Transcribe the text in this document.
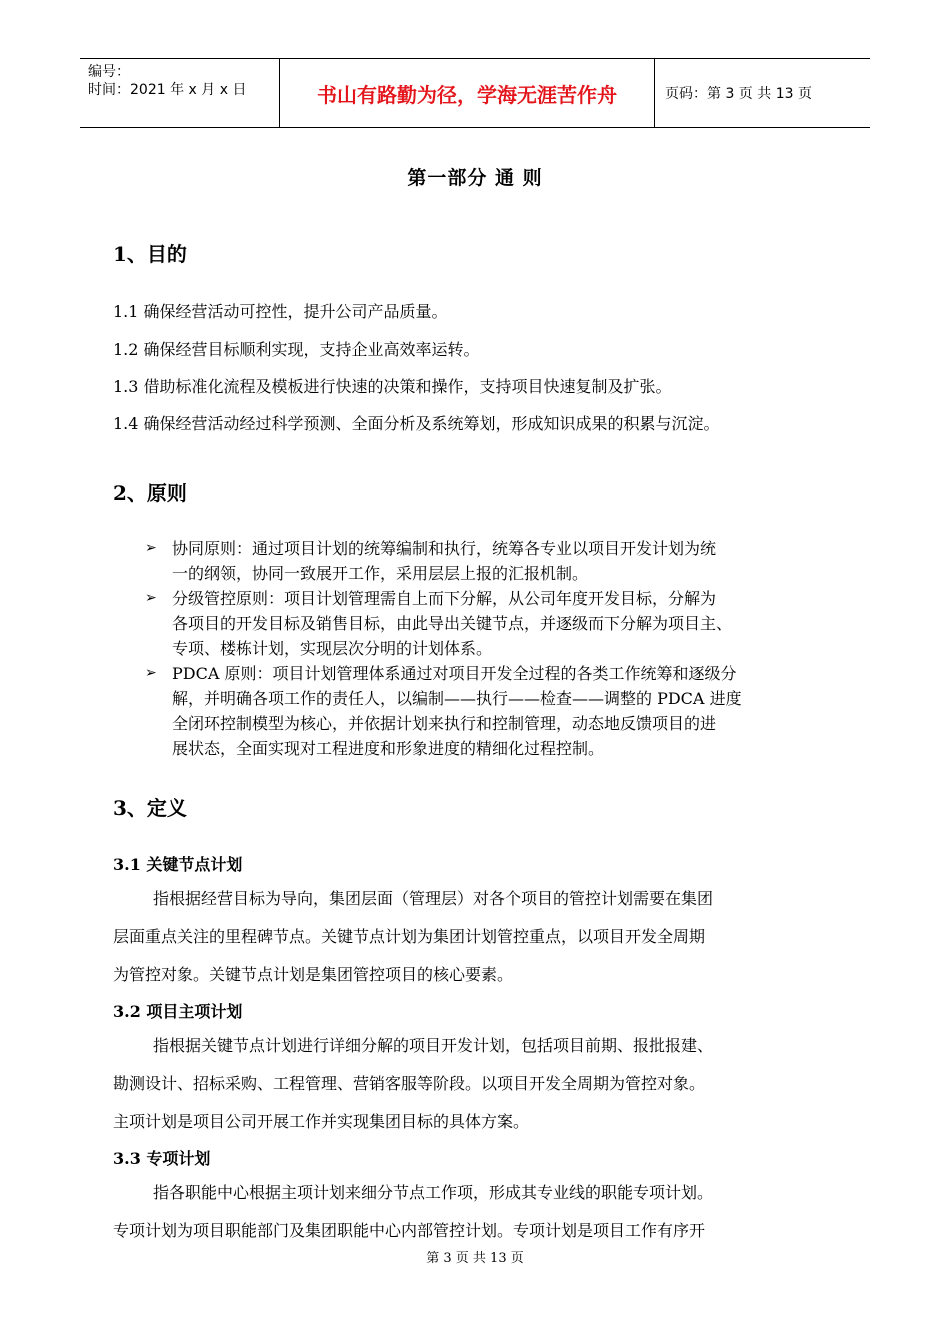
编号：
时间：2021 年 x 月 x 日	书山有路勤为径，学海无涯苦作舟	页码：第 3 页 共 13 页
第一部分 通 则
1、目的
1.1 确保经营活动可控性，提升公司产品质量。
1.2 确保经营目标顺利实现，支持企业高效率运转。
1.3 借助标准化流程及模板进行快速的决策和操作，支持项目快速复制及扩张。
1.4 确保经营活动经过科学预测、全面分析及系统筹划，形成知识成果的积累与沉淀。
2、原则
➢ 协同原则：通过项目计划的统筹编制和执行，统筹各专业以项目开发计划为统
一的纲领，协同一致展开工作，采用层层上报的汇报机制。
➢ 分级管控原则：项目计划管理需自上而下分解，从公司年度开发目标，分解为
各项目的开发目标及销售目标，由此导出关键节点，并逐级而下分解为项目主、
专项、楼栋计划，实现层次分明的计划体系。
➢ PDCA 原则：项目计划管理体系通过对项目开发全过程的各类工作统筹和逐级分
解，并明确各项工作的责任人，以编制——执行——检查——调整的 PDCA 进度
全闭环控制模型为核心，并依据计划来执行和控制管理，动态地反馈项目的进
展状态，全面实现对工程进度和形象进度的精细化过程控制。
3、定义
3.1 关键节点计划
指根据经营目标为导向，集团层面（管理层）对各个项目的管控计划需要在集团
层面重点关注的里程碑节点。关键节点计划为集团计划管控重点，以项目开发全周期
为管控对象。关键节点计划是集团管控项目的核心要素。
3.2 项目主项计划
指根据关键节点计划进行详细分解的项目开发计划，包括项目前期、报批报建、
勘测设计、招标采购、工程管理、营销客服等阶段。以项目开发全周期为管控对象。
主项计划是项目公司开展工作并实现集团目标的具体方案。
3.3 专项计划
指各职能中心根据主项计划来细分节点工作项，形成其专业线的职能专项计划。
专项计划为项目职能部门及集团职能中心内部管控计划。专项计划是项目工作有序开
第 3 页 共 13 页
